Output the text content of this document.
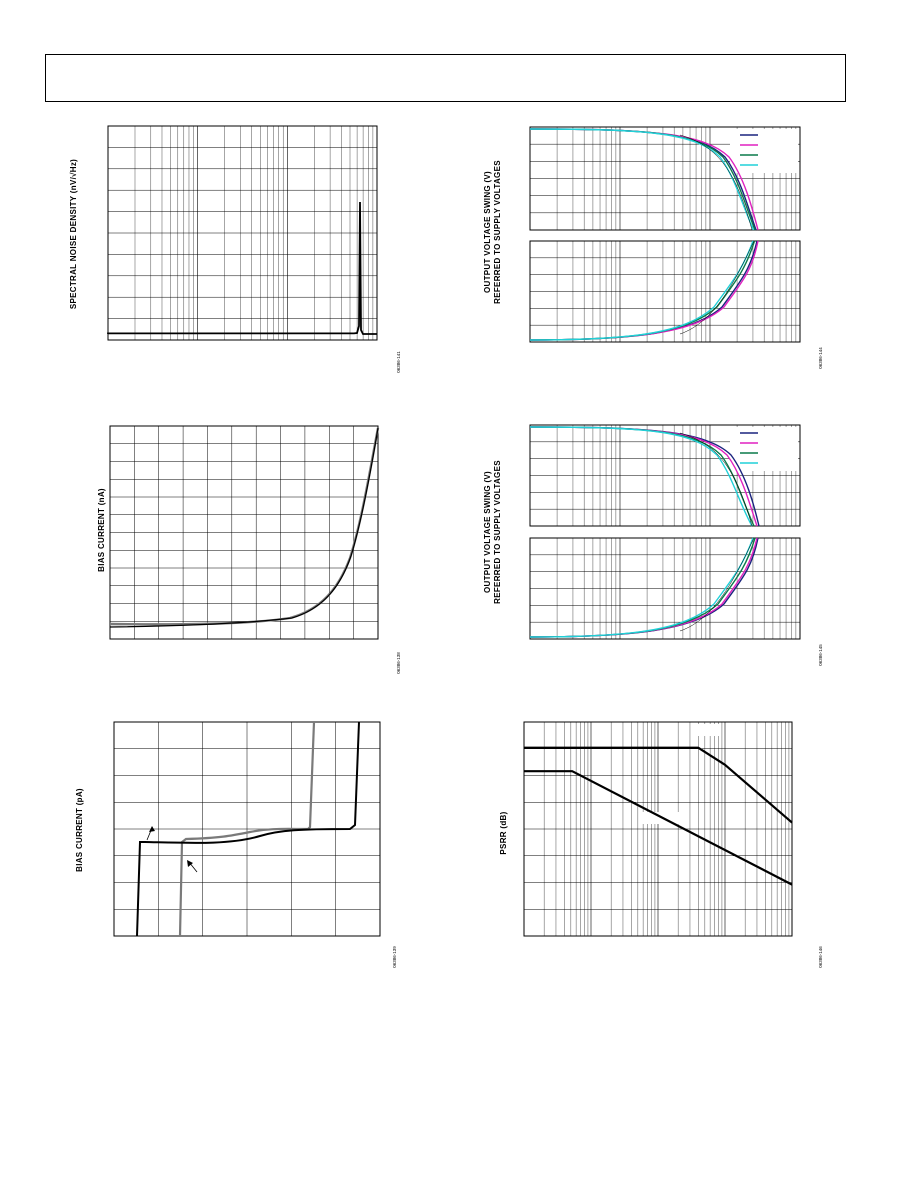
SPECTRAL NOISE DENSITY (nV/√Hz)
06386-141
OUTPUT VOLTAGE SWING (V) REFERRED TO SUPPLY VOLTAGES
06386-144
BIAS CURRENT (nA)
06386-138
OUTPUT VOLTAGE SWING (V) REFERRED TO SUPPLY VOLTAGES
06386-145
BIAS CURRENT (pA)
06386-139
PSRR (dB)
06386-146
